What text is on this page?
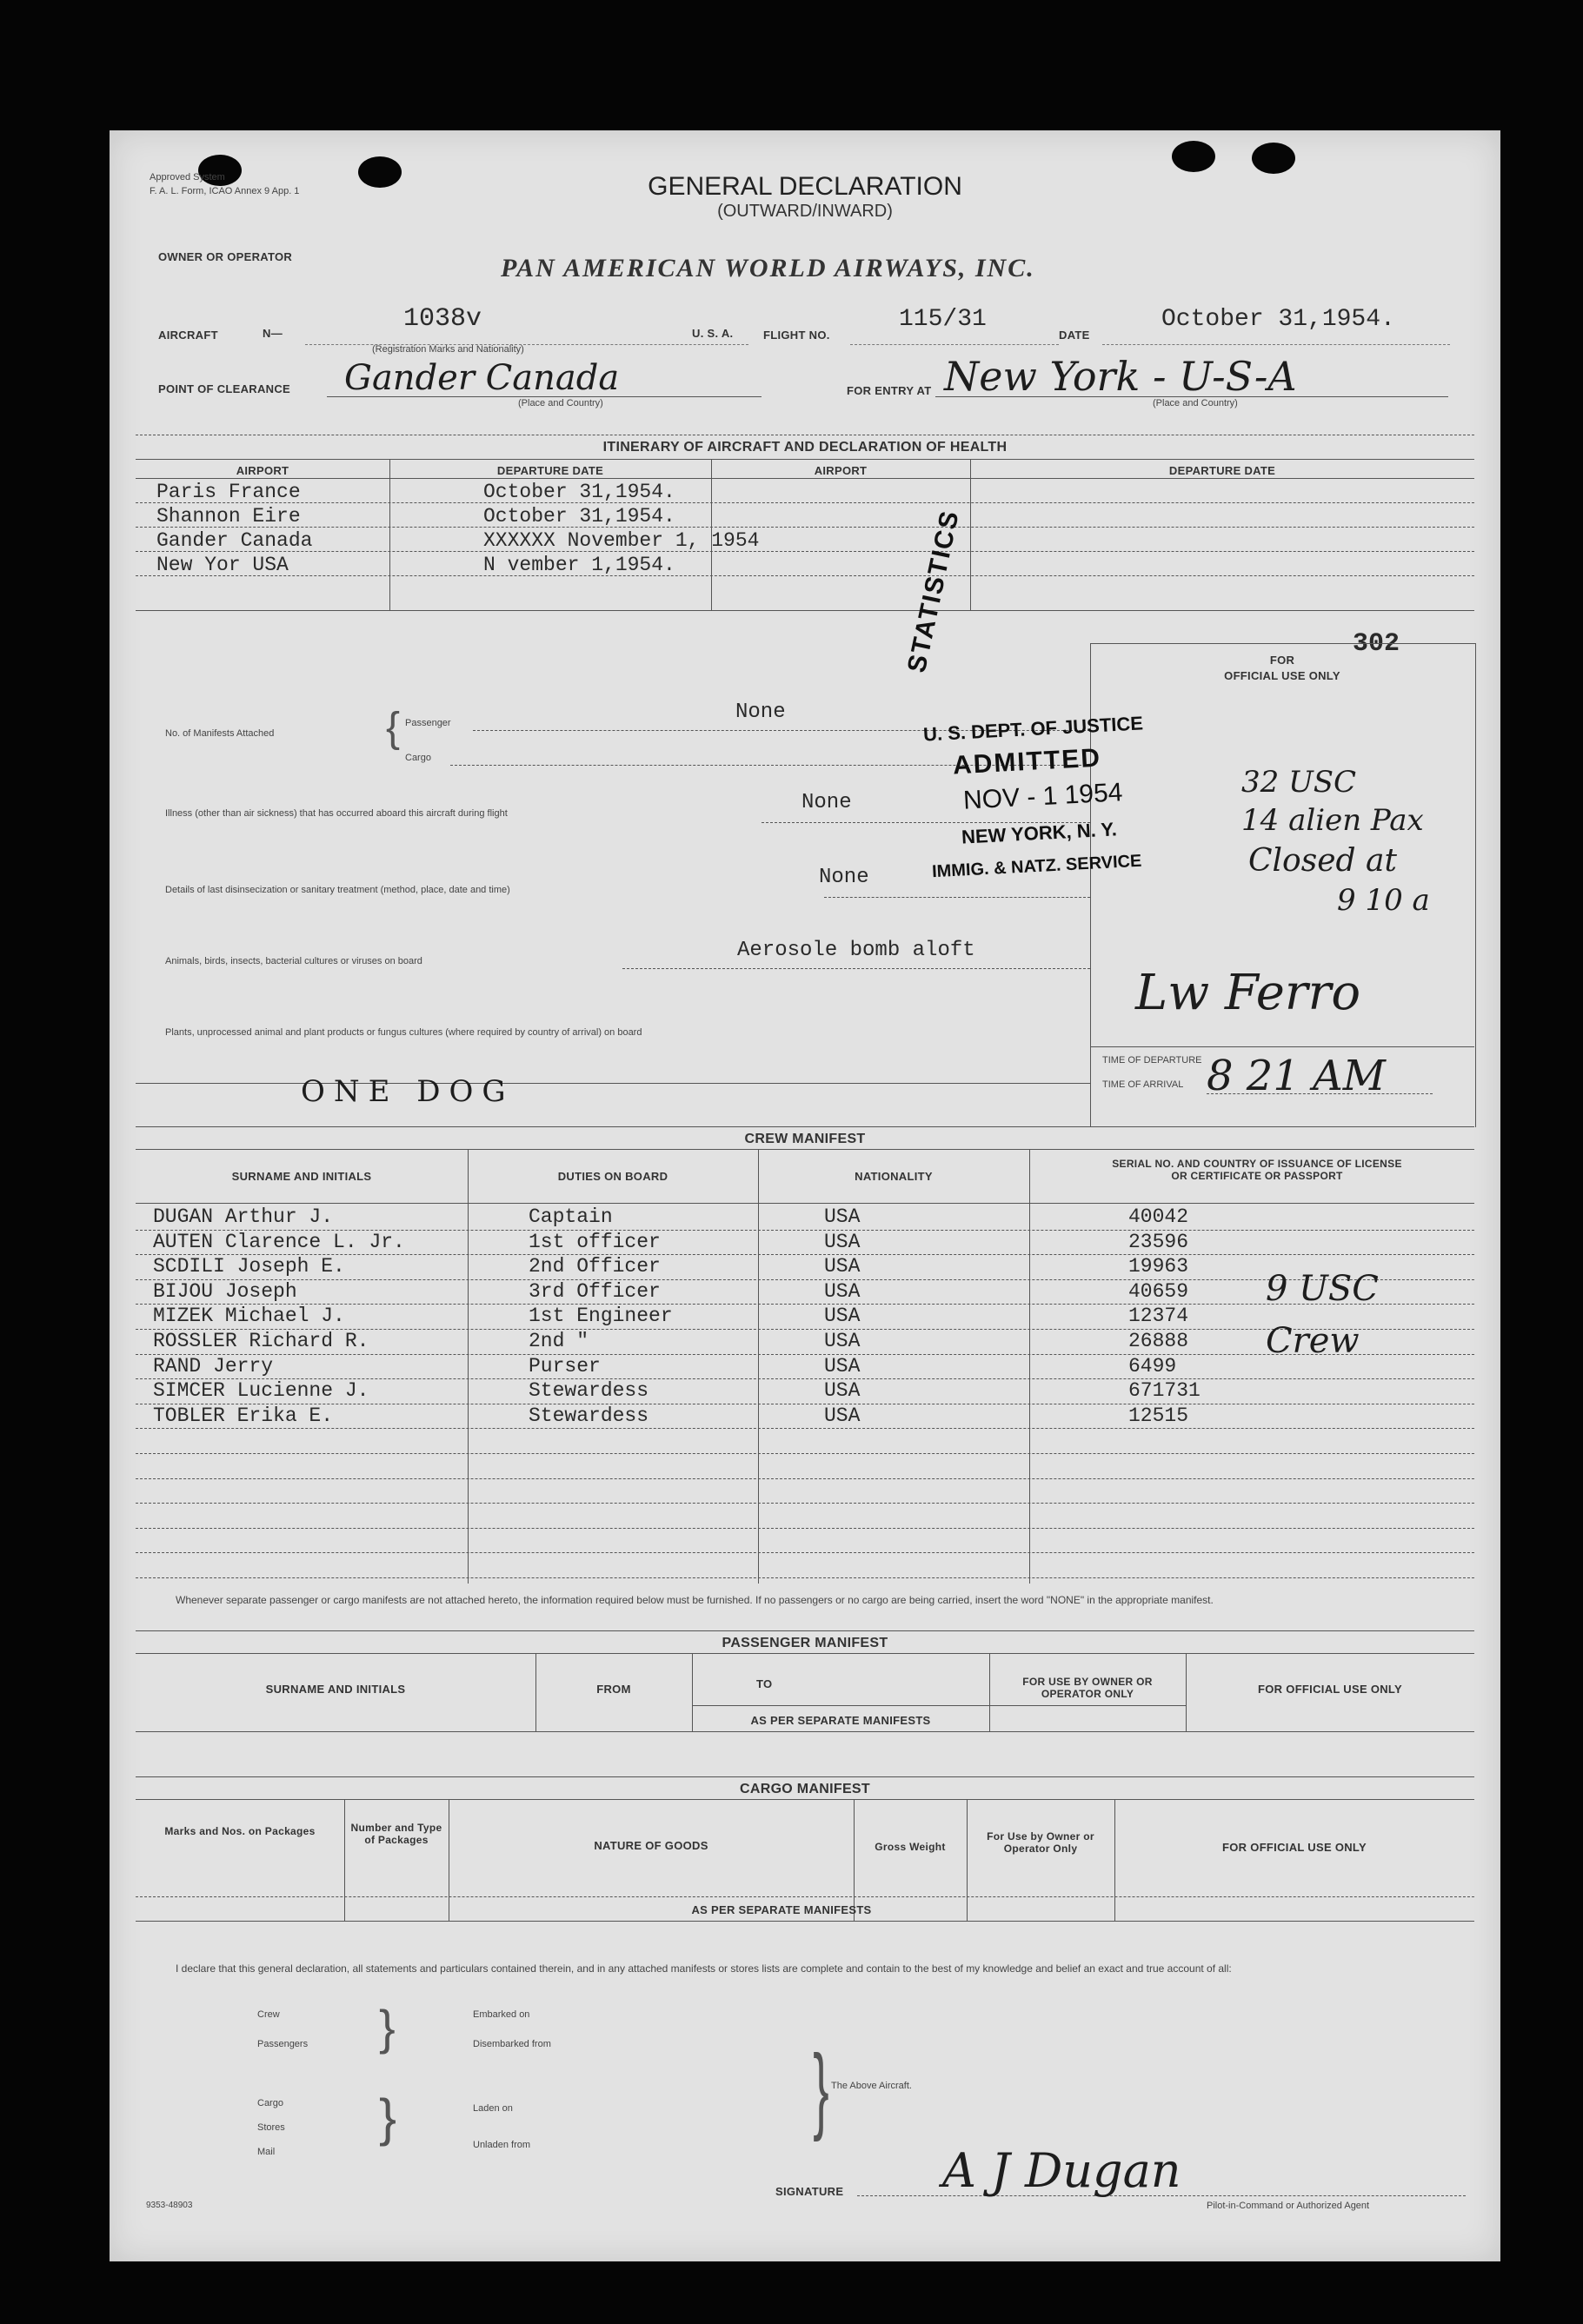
Approved System
F. A. L. Form, ICAO Annex 9 App. 1	GENERAL DECLARATION
(OUTWARD/INWARD)
OWNER OR OPERATOR	PAN AMERICAN WORLD AIRWAYS, INC.
AIRCRAFT	N—	1038v	U. S. A.
(Registration Marks and Nationality)
FLIGHT NO.
115/31
DATE
October 31,1954.
POINT OF CLEARANCE Gander Canada
(Place and Country)
FOR ENTRY AT New York - U-S-A
(Place and Country)
ITINERARY OF AIRCRAFT AND DECLARATION OF HEALTH
AIRPORT	DEPARTURE DATE	AIRPORT	DEPARTURE DATE
Paris France	October 31,1954.
Shannon Eire	October 31,1954.
Gander Canada	XXXXXX November 1, 1954
New Yor USA	N vember 1,1954.
302
No. of Manifests Attached	{ Passenger	None
Cargo
Illness (other than air sickness) that has occurred aboard this aircraft during flight	None
Details of last disinsecization or sanitary treatment (method, place, date and time)
None
Animals, birds, insects, bacterial cultures or viruses on board	Aerosole bomb aloft
Plants, unprocessed animal and plant products or fungus cultures (where required by country of arrival) on board
ONE DOG
FOR
OFFICIAL USE ONLY
STATISTICS
U. S. DEPT. OF JUSTICE
ADMITTED
NOV - 1 1954
NEW YORK, N. Y.
IMMIG. & NATZ. SERVICE
32 USC
14 alien Pax
Closed at
9 10 a
Lw Ferro
TIME OF DEPARTURE
TIME OF ARRIVAL 8 21 AM
CREW MANIFEST
SURNAME AND INITIALS	DUTIES ON BOARD	NATIONALITY
SERIAL NO. AND COUNTRY OF ISSUANCE OF LICENSE OR CERTIFICATE OR PASSPORT
DUGAN Arthur J.	Captain	USA	40042
AUTEN Clarence L. Jr.	1st officer	USA	23596
SCDILI Joseph E.	2nd Officer	USA	19963
BIJOU Joseph	3rd Officer	USA	40659
MIZEK Michael J.	1st Engineer	USA	12374
ROSSLER Richard R.	2nd "	USA	26888
RAND Jerry	Purser	USA	6499
SIMCER Lucienne J.	Stewardess	USA	671731
TOBLER Erika E.	Stewardess	USA	12515
9 USC
Crew
Whenever separate passenger or cargo manifests are not attached hereto, the information required below must be furnished. If no passengers or no cargo are being carried, insert the word "NONE" in the appropriate manifest.
PASSENGER MANIFEST
SURNAME AND INITIALS	FROM	TO	FOR USE BY OWNER OR OPERATOR ONLY	FOR OFFICIAL USE ONLY
AS PER SEPARATE MANIFESTS
CARGO MANIFEST
Marks and Nos. on Packages	Number and Type of Packages	NATURE OF GOODS	Gross Weight
For Use by Owner or Operator Only	FOR OFFICIAL USE ONLY
AS PER SEPARATE MANIFESTS
I declare that this general declaration, all statements and particulars contained therein, and in any attached manifests or stores lists are complete and contain to the best of my knowledge and belief an exact and true account of all:
Crew
Passengers }	Embarked on
Disembarked from
Cargo
Stores
Mail
}	Laden on
Unladen from
} The Above Aircraft.
SIGNATURE A J Dugan
Pilot-in-Command or Authorized Agent
9353-48903
